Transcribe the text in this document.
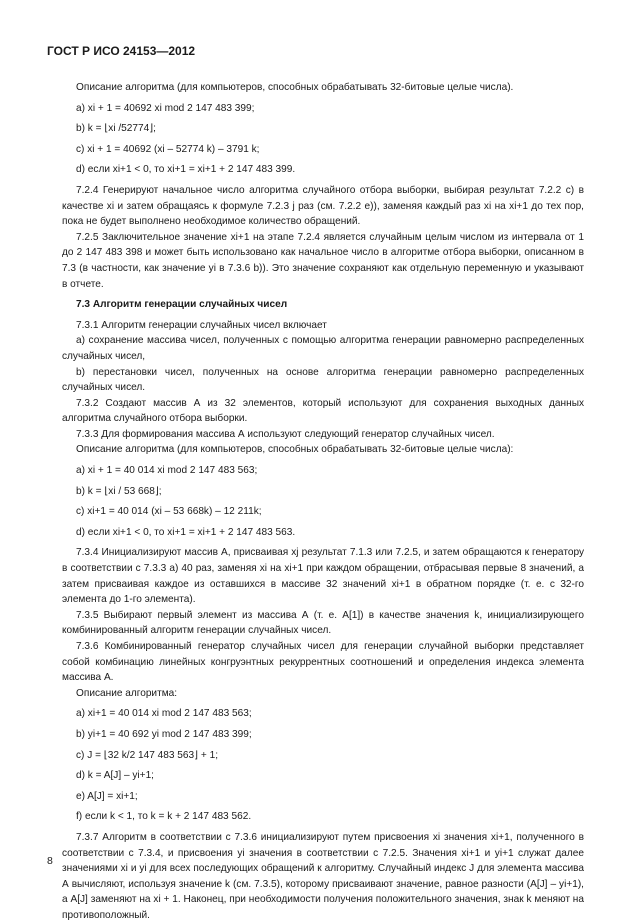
ГОСТ Р ИСО 24153—2012

Описание алгоритма (для компьютеров, способных обрабатывать 32-битовые целые числа).

а) xi + 1 = 40692 xi mod 2 147 483 399;

b) k = ⌊xi /52774⌋;

c) xi + 1 = 40692 (xi – 52774 k) – 3791 k;

d) если xi+1 < 0, то xi+1 = xi+1 + 2 147 483 399.

7.2.4 Генерируют начальное число алгоритма случайного отбора выборки, выбирая результат 7.2.2 с) в качестве xi и затем обращаясь к формуле 7.2.3 j раз (см. 7.2.2 е)), заменяя каждый раз xi на xi+1 до тех пор, пока не будет выполнено необходимое количество обращений.

7.2.5 Заключительное значение xi+1 на этапе 7.2.4 является случайным целым числом из интервала от 1 до 2 147 483 398 и может быть использовано как начальное число в алгоритме отбора выборки, описанном в 7.3 (в частности, как значение yi в 7.3.6 b)). Это значение сохраняют как отдельную переменную и указывают в отчете.

7.3 Алгоритм генерации случайных чисел

7.3.1 Алгоритм генерации случайных чисел включает

а) сохранение массива чисел, полученных с помощью алгоритма генерации равномерно распределенных случайных чисел,

b) перестановки чисел, полученных на основе алгоритма генерации равномерно распределенных случайных чисел.

7.3.2 Создают массив А из 32 элементов, который используют для сохранения выходных данных алгоритма случайного отбора выборки.

7.3.3 Для формирования массива А используют следующий генератор случайных чисел.

Описание алгоритма (для компьютеров, способных обрабатывать 32-битовые целые числа):

а) xi + 1 = 40 014 xi mod 2 147 483 563;

b) k = ⌊xi / 53 668⌋;

c) xi+1 = 40 014 (xi – 53 668k) – 12 211k;

d) если xi+1 < 0, то xi+1 = xi+1 + 2 147 483 563.

7.3.4 Инициализируют массив А, присваивая xj результат 7.1.3 или 7.2.5, и затем обращаются к генератору в соответствии с 7.3.3 а) 40 раз, заменяя xi на xi+1 при каждом обращении, отбрасывая первые 8 значений, а затем присваивая каждое из оставшихся в массиве 32 значений xi+1 в обратном порядке (т. е. с 32-го элемента до 1-го элемента).

7.3.5 Выбирают первый элемент из массива А (т. е. А[1]) в качестве значения k, инициализирующего комбинированный алгоритм генерации случайных чисел.

7.3.6 Комбинированный генератор случайных чисел для генерации случайной выборки представляет собой комбинацию линейных конгруэнтных рекуррентных соотношений и определения индекса элемента массива А.

Описание алгоритма:

а) xi+1 = 40 014 xi mod 2 147 483 563;

b) yi+1 = 40 692 yi mod 2 147 483 399;

c) J = ⌊32 k/2 147 483 563⌋ + 1;

d) k = A[J] – yi+1;

e) A[J] = xi+1;

f) если k < 1, то k = k + 2 147 483 562.

7.3.7 Алгоритм в соответствии с 7.3.6 инициализируют путем присвоения xi значения xi+1, полученного в соответствии с 7.3.4, и присвоения yi значения в соответствии с 7.2.5. Значения xi+1 и yi+1 служат далее значениями xi и yi для всех последующих обращений к алгоритму. Случайный индекс J для элемента массива А вычисляют, используя значение k (см. 7.3.5), которому присваивают значение, равное разности (А[J] – yi+1), а А[J] заменяют на xi + 1. Наконец, при необходимости получения положительного значения, знак k меняют на противоположный.

8
